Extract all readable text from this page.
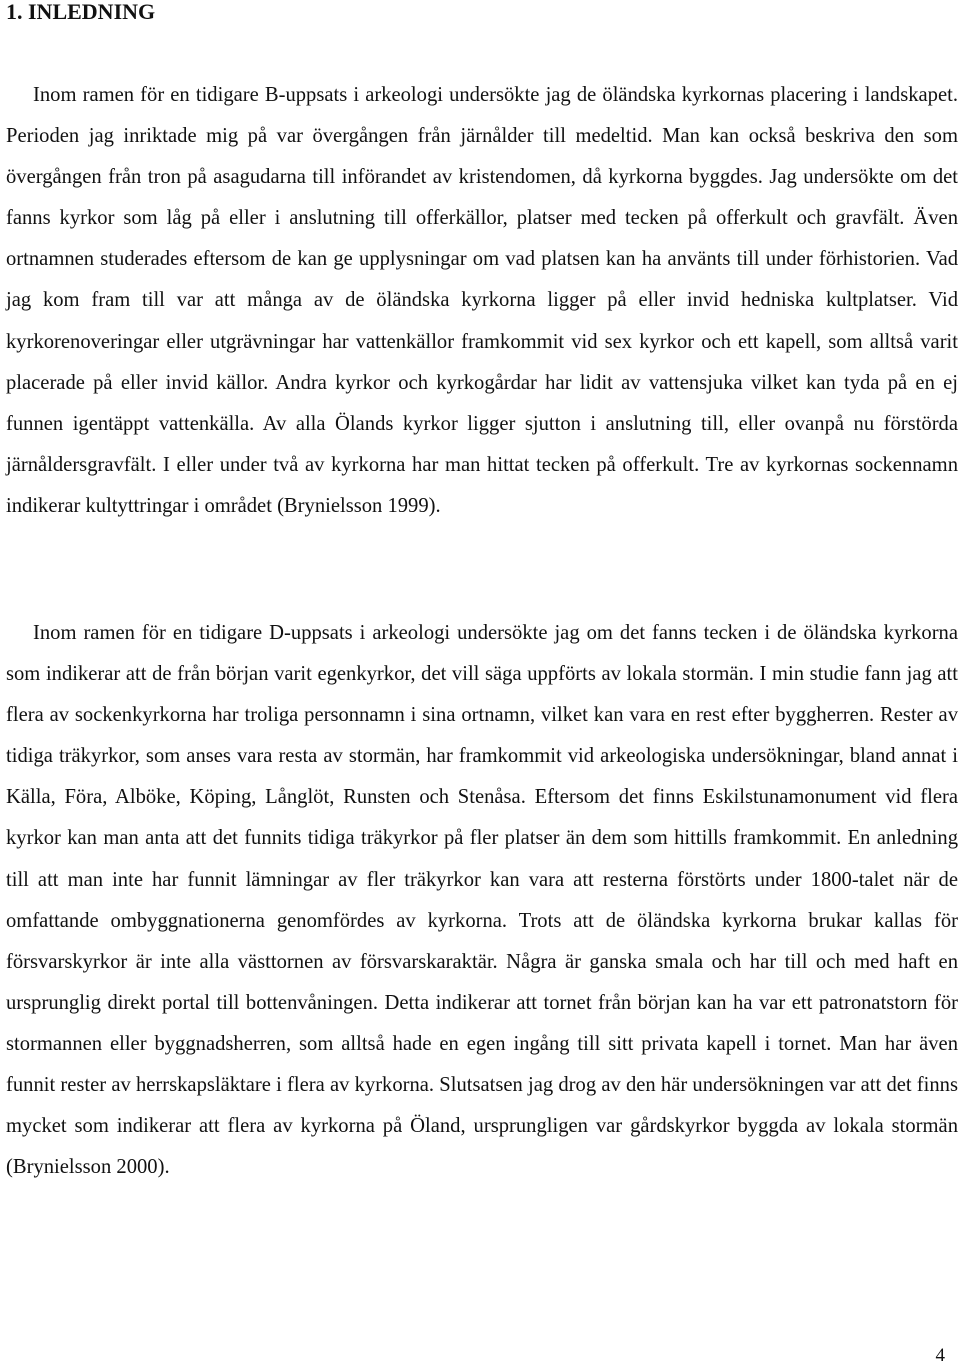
1. INLEDNING

Inom ramen för en tidigare B-uppsats i arkeologi undersökte jag de öländska kyrkornas placering i landskapet. Perioden jag inriktade mig på var övergången från järnålder till medeltid. Man kan också beskriva den som övergången från tron på asagudarna till införandet av kristendomen, då kyrkorna byggdes. Jag undersökte om det fanns kyrkor som låg på eller i anslutning till offerkällor, platser med tecken på offerkult och gravfält. Även ortnamnen studerades eftersom de kan ge upplysningar om vad platsen kan ha använts till under förhistorien. Vad jag kom fram till var att många av de öländska kyrkorna ligger på eller invid hedniska kultplatser. Vid kyrkorenoveringar eller utgrävningar har vattenkällor framkommit vid sex kyrkor och ett kapell, som alltså varit placerade på eller invid källor. Andra kyrkor och kyrkogårdar har lidit av vattensjuka vilket kan tyda på en ej funnen igentäppt vattenkälla. Av alla Ölands kyrkor ligger sjutton i anslutning till, eller ovanpå nu förstörda järnåldersgravfält. I eller under två av kyrkorna har man hittat tecken på offerkult. Tre av kyrkornas sockennamn indikerar kultyttringar i området (Brynielsson 1999).

Inom ramen för en tidigare D-uppsats i arkeologi undersökte jag om det fanns tecken i de öländska kyrkorna som indikerar att de från början varit egenkyrkor, det vill säga uppförts av lokala stormän. I min studie fann jag att flera av sockenkyrkorna har troliga personnamn i sina ortnamn, vilket kan vara en rest efter byggherren. Rester av tidiga träkyrkor, som anses vara resta av stormän, har framkommit vid arkeologiska undersökningar, bland annat i Källa, Föra, Alböke, Köping, Långlöt, Runsten och Stenåsa. Eftersom det finns Eskilstunamonument vid flera kyrkor kan man anta att det funnits tidiga träkyrkor på fler platser än dem som hittills framkommit. En anledning till att man inte har funnit lämningar av fler träkyrkor kan vara att resterna förstörts under 1800-talet när de omfattande ombyggnationerna genomfördes av kyrkorna. Trots att de öländska kyrkorna brukar kallas för försvarskyrkor är inte alla västtornen av försvarskaraktär. Några är ganska smala och har till och med haft en ursprunglig direkt portal till bottenvåningen. Detta indikerar att tornet från början kan ha var ett patronatstorn för stormannen eller byggnadsherren, som alltså hade en egen ingång till sitt privata kapell i tornet. Man har även funnit rester av herrskapsläktare i flera av kyrkorna. Slutsatsen jag drog av den här undersökningen var att det finns mycket som indikerar att flera av kyrkorna på Öland, ursprungligen var gårdskyrkor byggda av lokala stormän (Brynielsson 2000).

4
